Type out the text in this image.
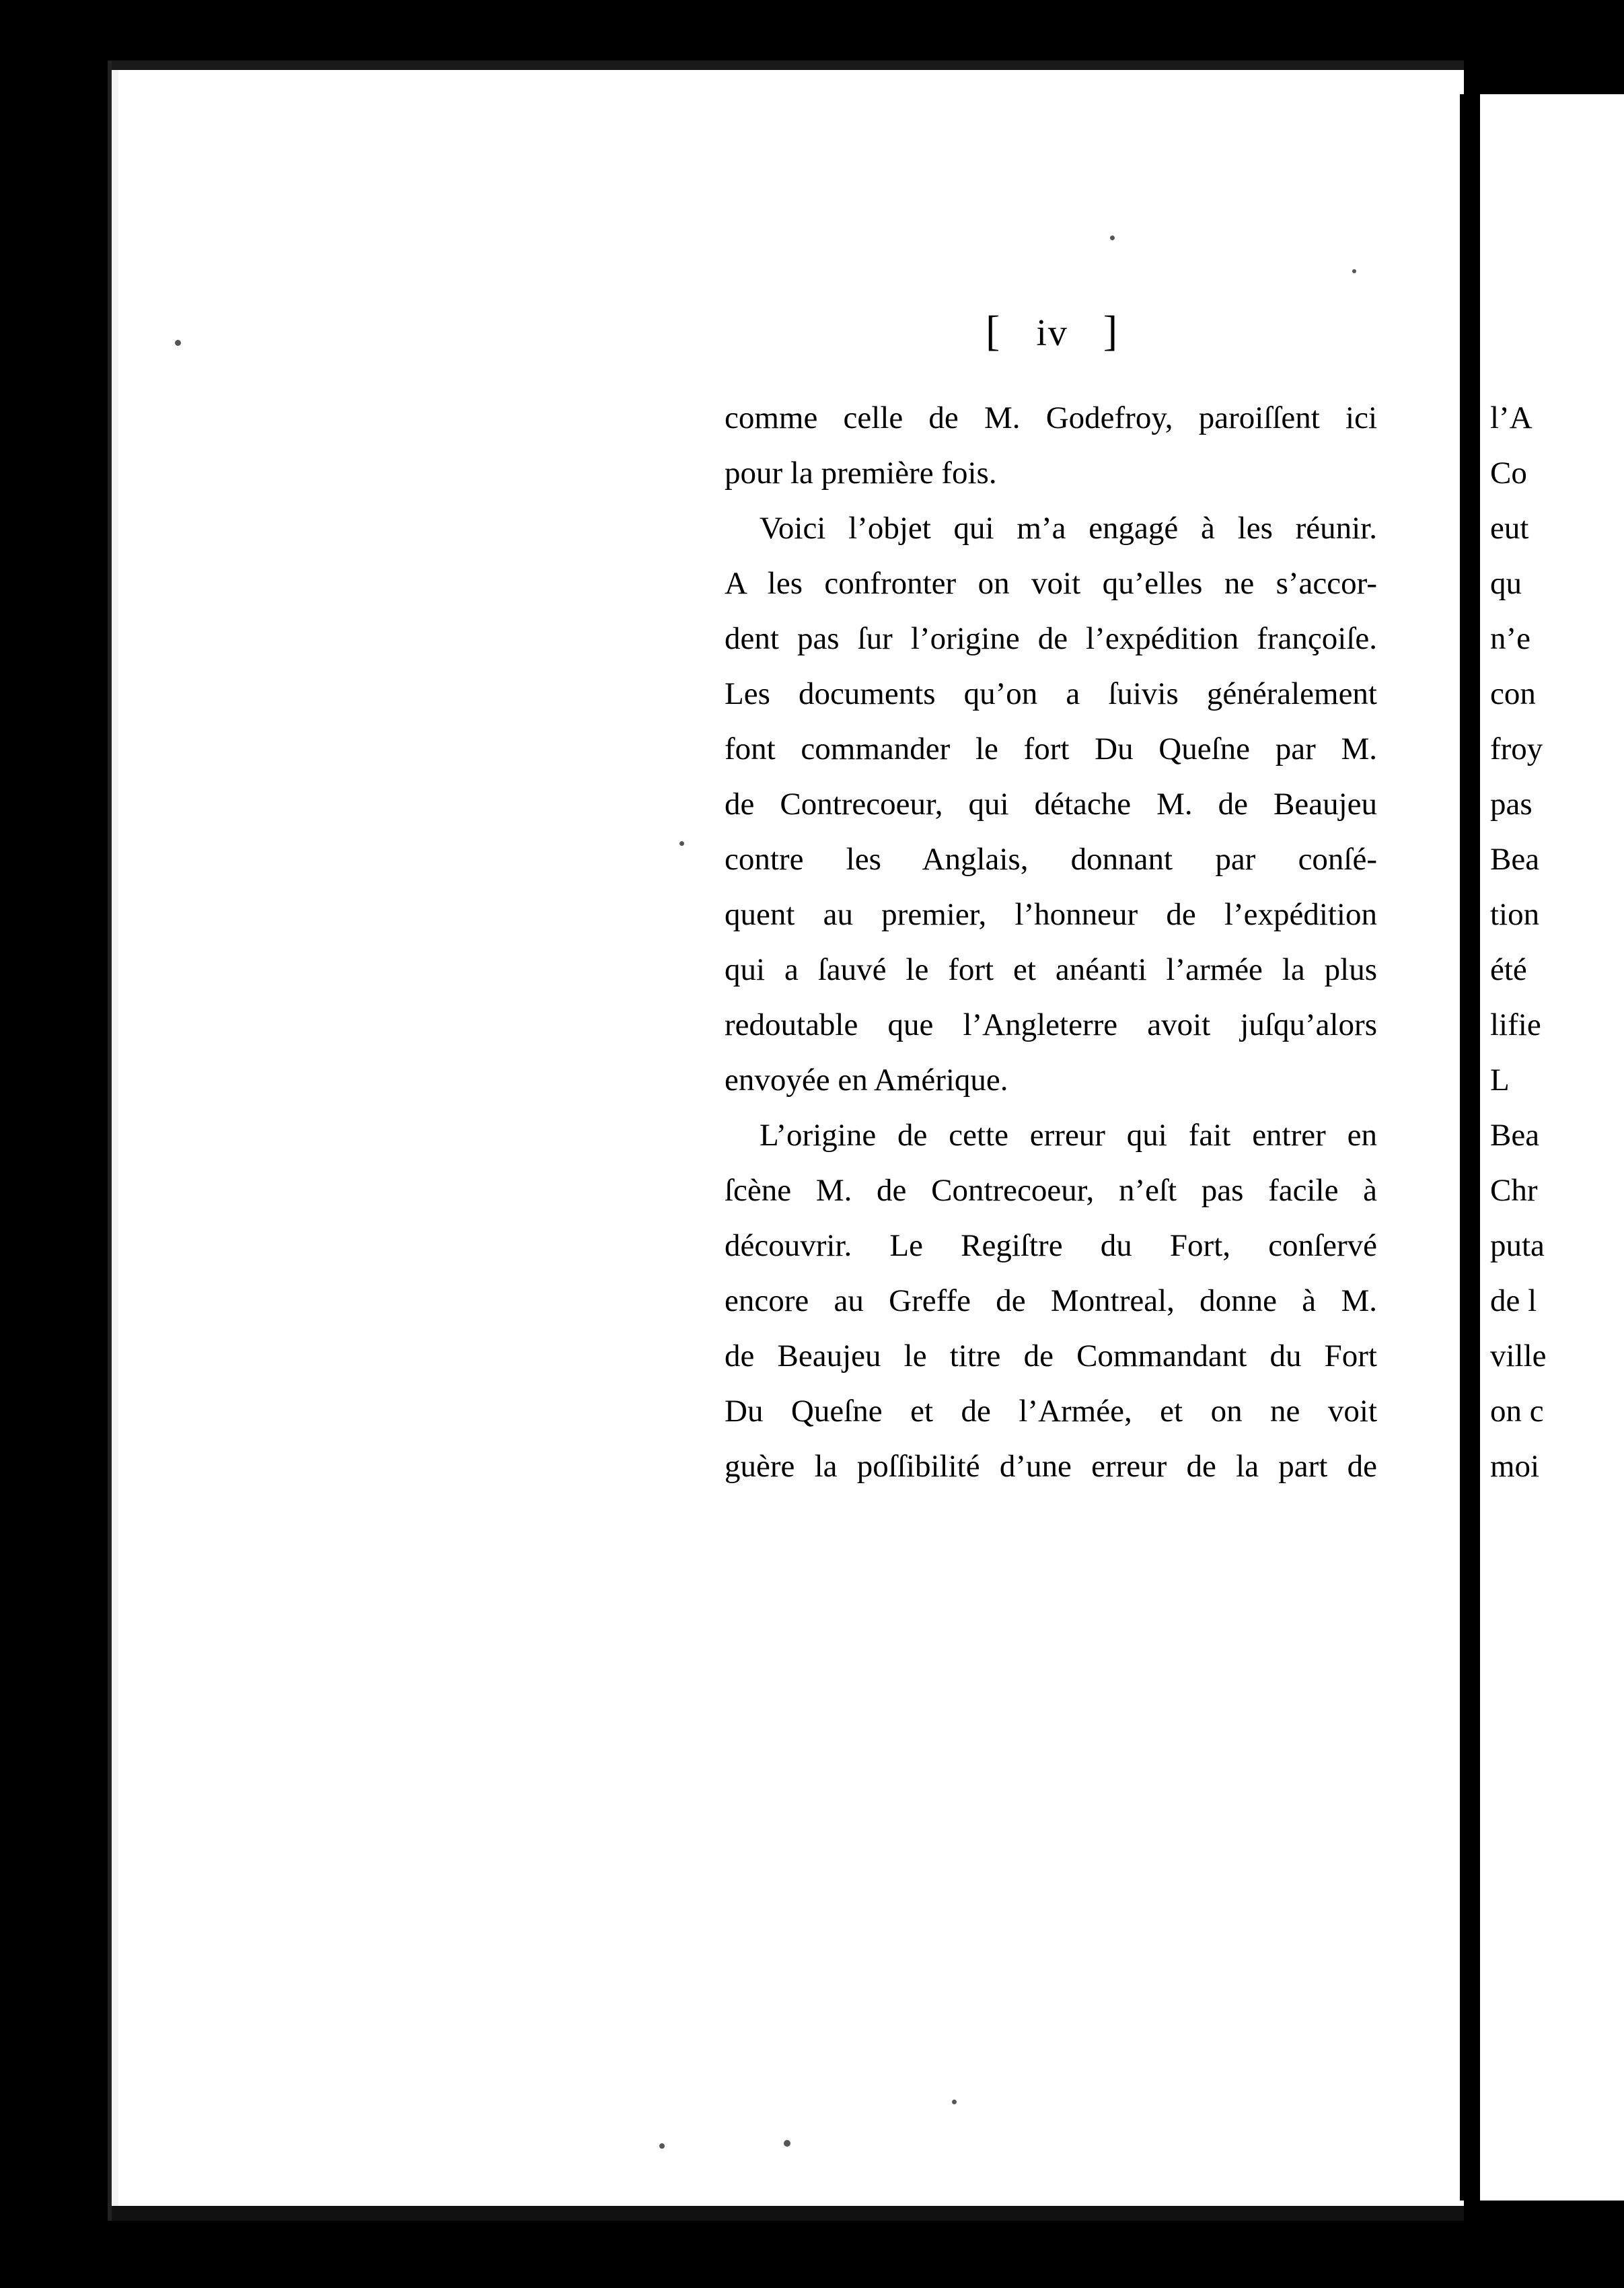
[ iv ]
comme celle de M. Godefroy, paroiſſent ici
pour la première fois.
Voici l’objet qui m’a engagé à les réunir.
A les confronter on voit qu’elles ne s’accor-
dent pas ſur l’origine de l’expédition françoiſe.
Les documents qu’on a ſuivis généralement
font commander le fort Du Queſne par M.
de Contrecoeur, qui détache M. de Beaujeu
contre les Anglais, donnant par conſé-
quent au premier, l’honneur de l’expédition
qui a ſauvé le fort et anéanti l’armée la plus
redoutable que l’Angleterre avoit juſqu’alors
envoyée en Amérique.
L’origine de cette erreur qui fait entrer en
ſcène M. de Contrecoeur, n’eſt pas facile à
découvrir. Le Regiſtre du Fort, conſervé
encore au Greffe de Montreal, donne à M.
de Beaujeu le titre de Commandant du Fort
Du Queſne et de l’Armée, et on ne voit
guère la poſſibilité d’une erreur de la part de
l’A
Co
eut
qu
n’e
con
froy
pas
Bea
tion
été
lifie
L
Bea
Chr
puta
de l
ville
on c
moi
